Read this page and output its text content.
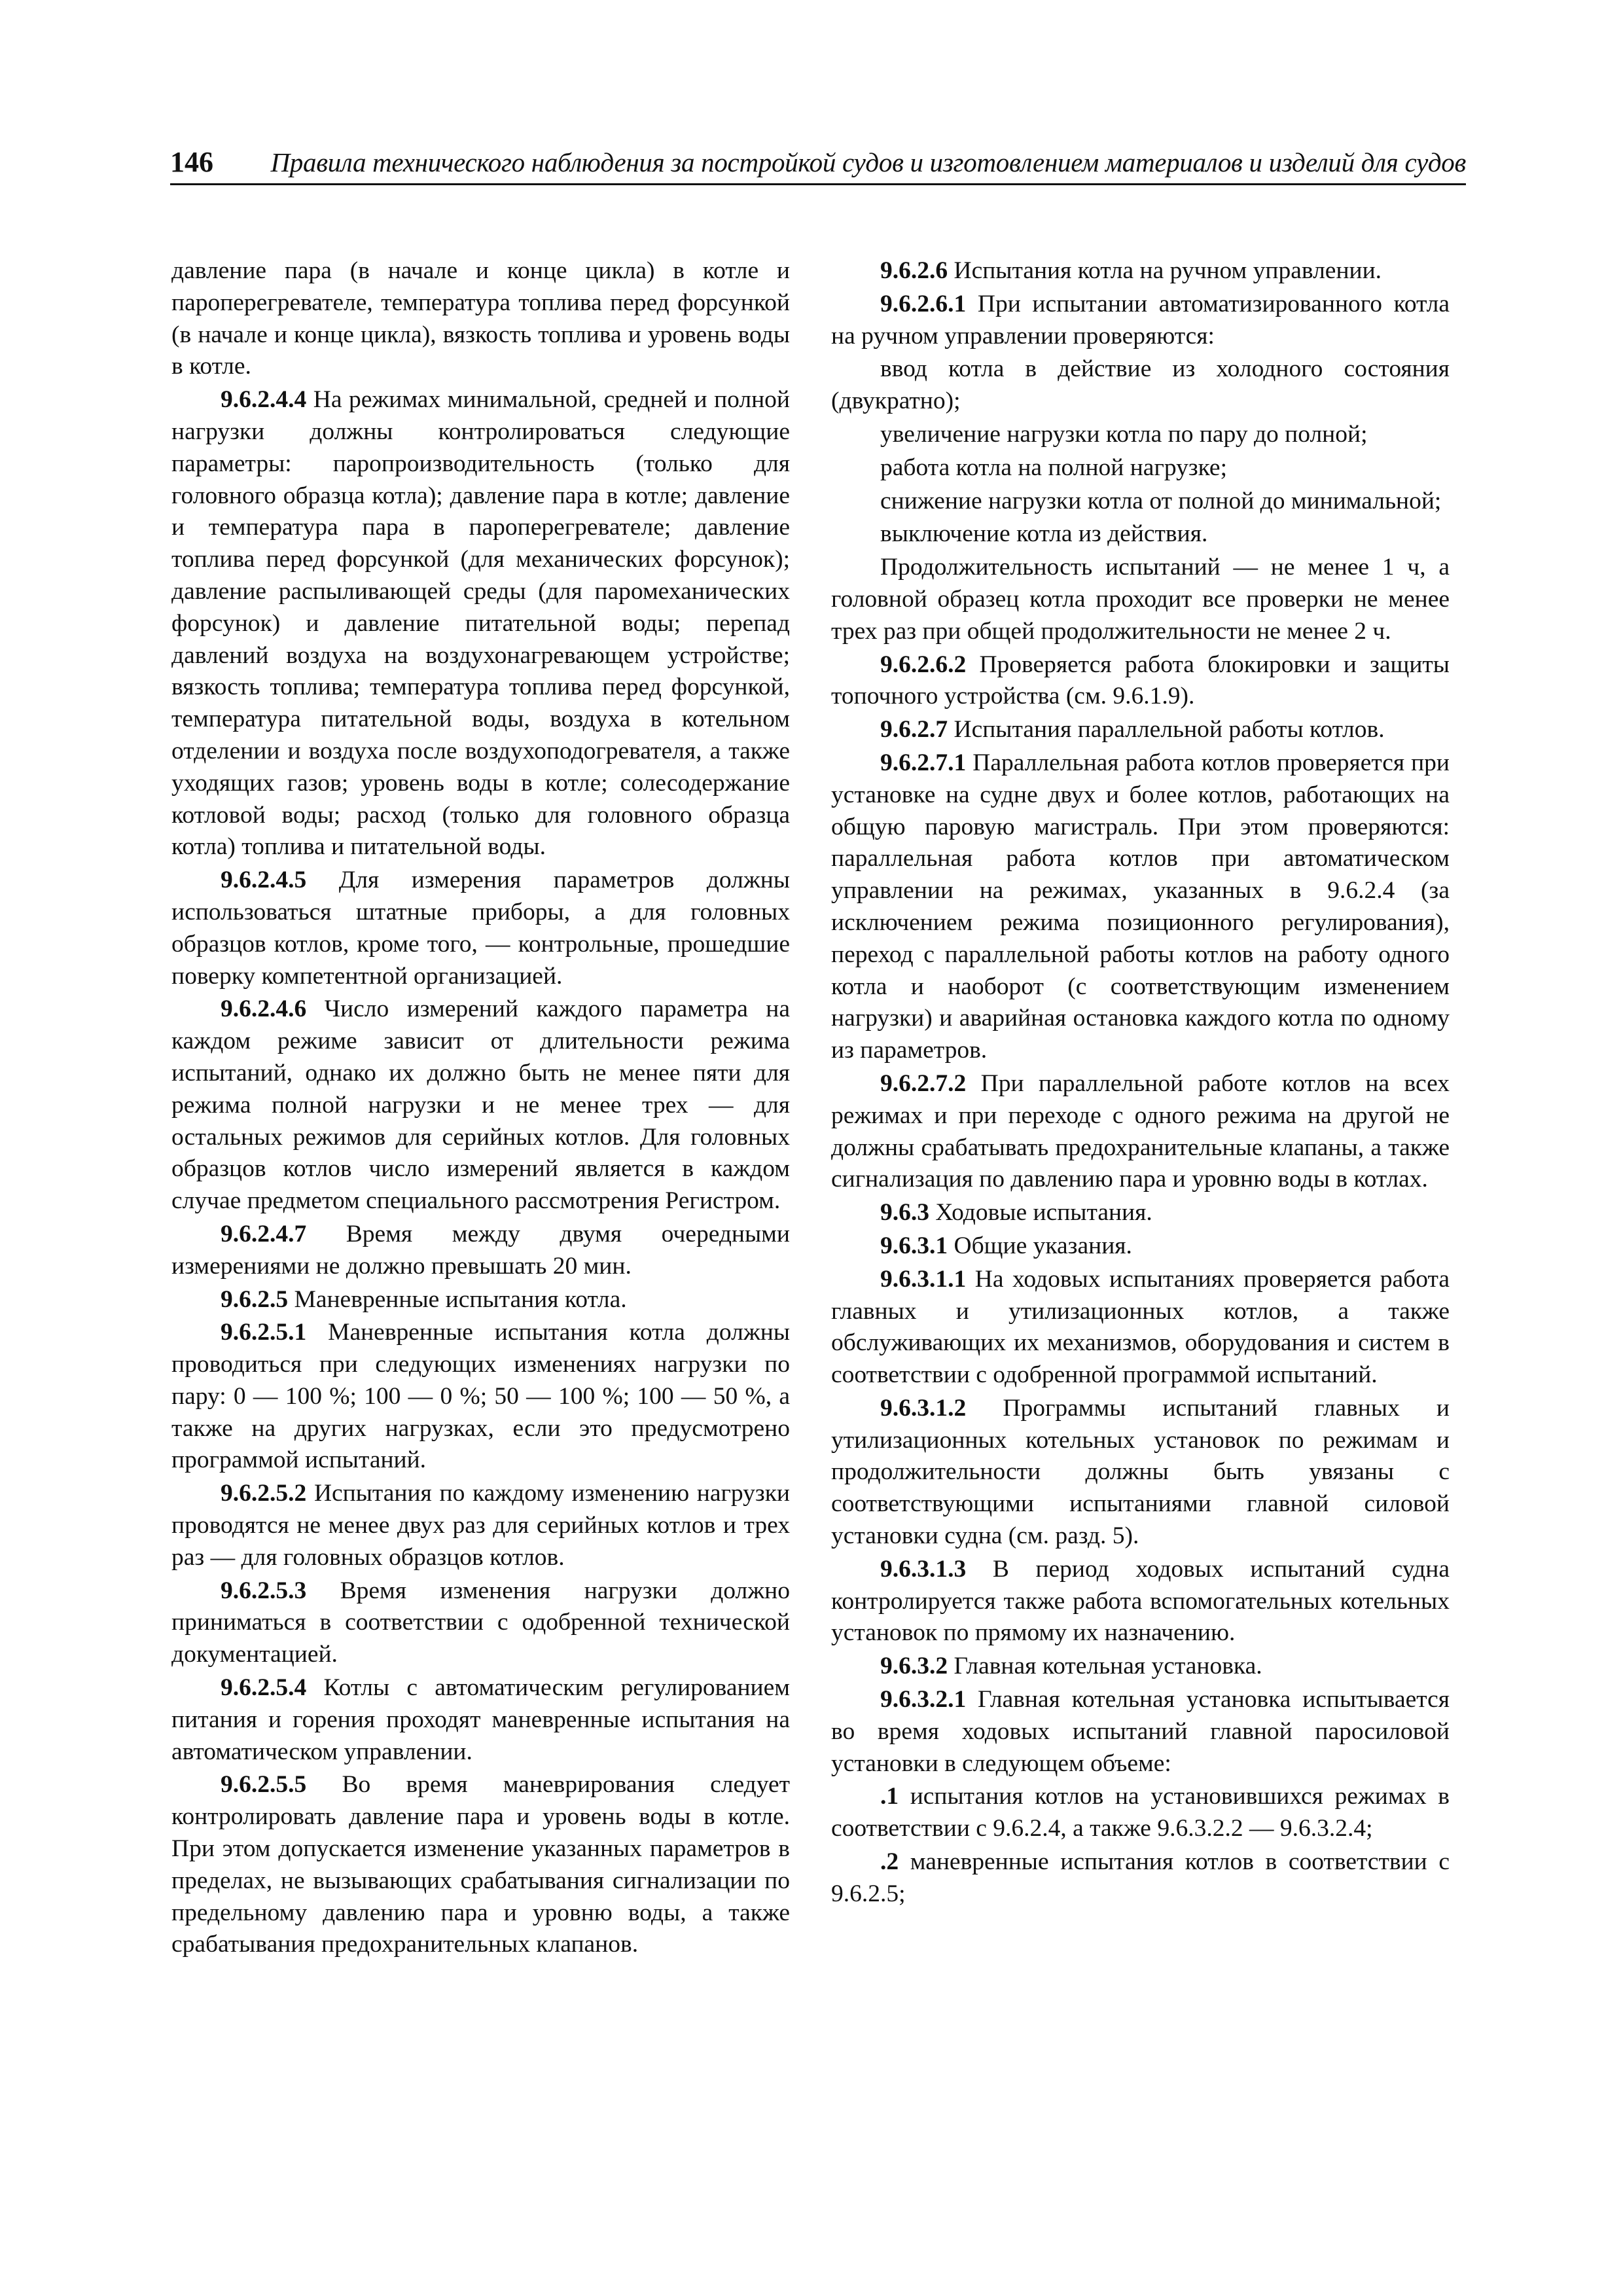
146	Правила технического наблюдения за постройкой судов и изготовлением материалов и изделий для судов

давление пара (в начале и конце цикла) в котле и пароперегревателе, температура топлива перед форсункой (в начале и конце цикла), вязкость топлива и уровень воды в котле.

9.6.2.4.4 На режимах минимальной, средней и полной нагрузки должны контролироваться следующие параметры: паропроизводительность (только для головного образца котла); давление пара в котле; давление и температура пара в пароперегревателе; давление топлива перед форсункой (для механических форсунок); давление распыливающей среды (для паромеханических форсунок) и давление питательной воды; перепад давлений воздуха на воздухонагревающем устройстве; вязкость топлива; температура топлива перед форсункой, температура питательной воды, воздуха в котельном отделении и воздуха после воздухоподогревателя, а также уходящих газов; уровень воды в котле; солесодержание котловой воды; расход (только для головного образца котла) топлива и питательной воды.

9.6.2.4.5 Для измерения параметров должны использоваться штатные приборы, а для головных образцов котлов, кроме того, — контрольные, прошедшие поверку компетентной организацией.

9.6.2.4.6 Число измерений каждого параметра на каждом режиме зависит от длительности режима испытаний, однако их должно быть не менее пяти для режима полной нагрузки и не менее трех — для остальных режимов для серийных котлов. Для головных образцов котлов число измерений является в каждом случае предметом специального рассмотрения Регистром.

9.6.2.4.7 Время между двумя очередными измерениями не должно превышать 20 мин.

9.6.2.5 Маневренные испытания котла.

9.6.2.5.1 Маневренные испытания котла должны проводиться при следующих изменениях нагрузки по пару: 0 — 100 %; 100 — 0 %; 50 — 100 %; 100 — 50 %, а также на других нагрузках, если это предусмотрено программой испытаний.

9.6.2.5.2 Испытания по каждому изменению нагрузки проводятся не менее двух раз для серийных котлов и трех раз — для головных образцов котлов.

9.6.2.5.3 Время изменения нагрузки должно приниматься в соответствии с одобренной технической документацией.

9.6.2.5.4 Котлы с автоматическим регулированием питания и горения проходят маневренные испытания на автоматическом управлении.

9.6.2.5.5 Во время маневрирования следует контролировать давление пара и уровень воды в котле. При этом допускается изменение указанных параметров в пределах, не вызывающих срабатывания сигнализации по предельному давлению пара и уровню воды, а также срабатывания предохранительных клапанов.

9.6.2.6 Испытания котла на ручном управлении.

9.6.2.6.1 При испытании автоматизированного котла на ручном управлении проверяются:

ввод котла в действие из холодного состояния (двукратно);

увеличение нагрузки котла по пару до полной;

работа котла на полной нагрузке;

снижение нагрузки котла от полной до минимальной;

выключение котла из действия.

Продолжительность испытаний — не менее 1 ч, а головной образец котла проходит все проверки не менее трех раз при общей продолжительности не менее 2 ч.

9.6.2.6.2 Проверяется работа блокировки и защиты топочного устройства (см. 9.6.1.9).

9.6.2.7 Испытания параллельной работы котлов.

9.6.2.7.1 Параллельная работа котлов проверяется при установке на судне двух и более котлов, работающих на общую паровую магистраль. При этом проверяются: параллельная работа котлов при автоматическом управлении на режимах, указанных в 9.6.2.4 (за исключением режима позиционного регулирования), переход с параллельной работы котлов на работу одного котла и наоборот (с соответствующим изменением нагрузки) и аварийная остановка каждого котла по одному из параметров.

9.6.2.7.2 При параллельной работе котлов на всех режимах и при переходе с одного режима на другой не должны срабатывать предохранительные клапаны, а также сигнализация по давлению пара и уровню воды в котлах.

9.6.3 Ходовые испытания.

9.6.3.1 Общие указания.

9.6.3.1.1 На ходовых испытаниях проверяется работа главных и утилизационных котлов, а также обслуживающих их механизмов, оборудования и систем в соответствии с одобренной программой испытаний.

9.6.3.1.2 Программы испытаний главных и утилизационных котельных установок по режимам и продолжительности должны быть увязаны с соответствующими испытаниями главной силовой установки судна (см. разд. 5).

9.6.3.1.3 В период ходовых испытаний судна контролируется также работа вспомогательных котельных установок по прямому их назначению.

9.6.3.2 Главная котельная установка.

9.6.3.2.1 Главная котельная установка испытывается во время ходовых испытаний главной паросиловой установки в следующем объеме:

.1 испытания котлов на установившихся режимах в соответствии с 9.6.2.4, а также 9.6.3.2.2 — 9.6.3.2.4;

.2 маневренные испытания котлов в соответствии с 9.6.2.5;
